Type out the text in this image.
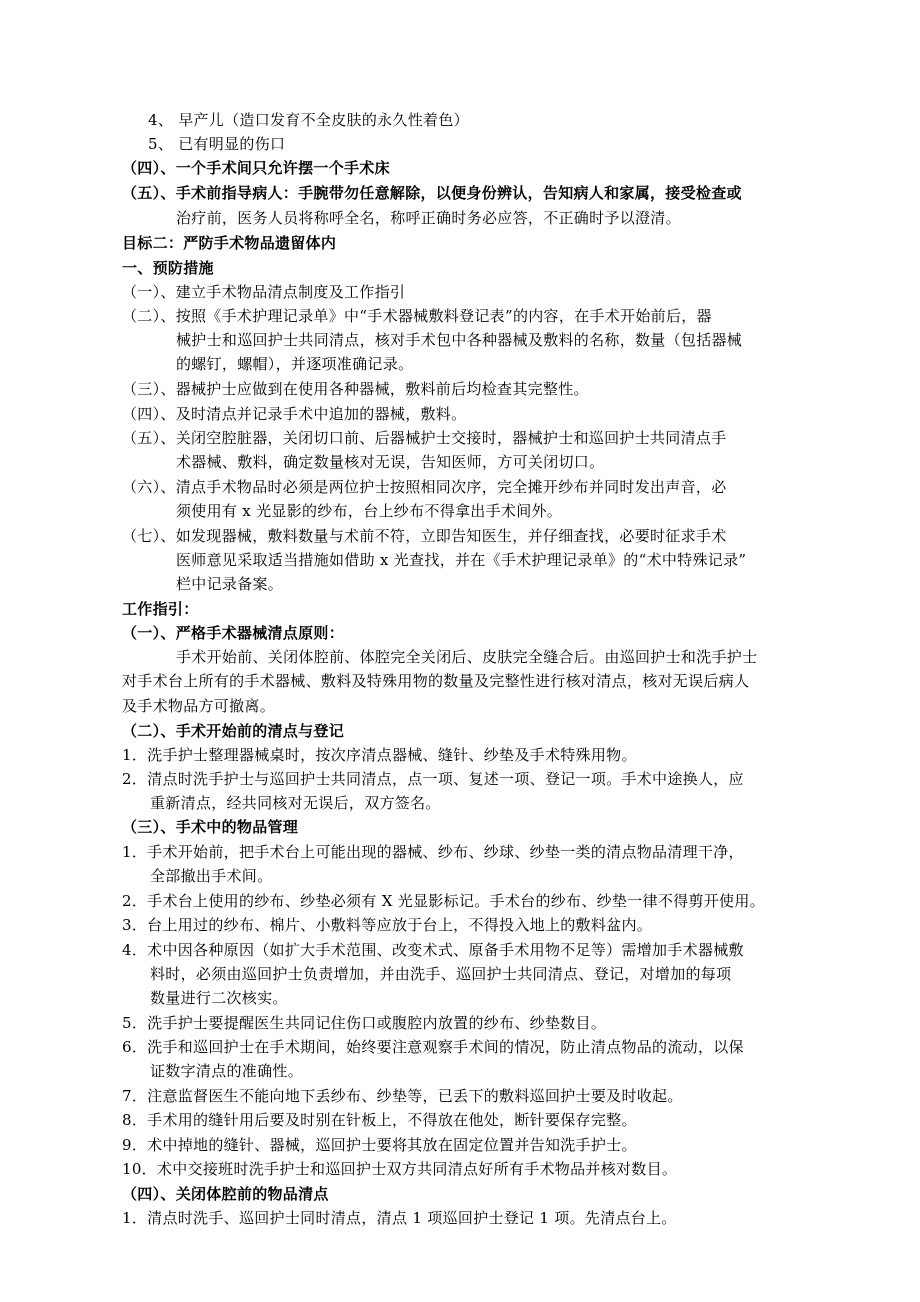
4、 早产儿（造口发育不全皮肤的永久性着色）
5、 已有明显的伤口
（四）、一个手术间只允许摆一个手术床
（五）、手术前指导病人：手腕带勿任意解除，以便身份辨认，告知病人和家属，接受检查或
治疗前，医务人员将称呼全名，称呼正确时务必应答，不正确时予以澄清。
目标二：严防手术物品遗留体内
一、预防措施
（一）、建立手术物品清点制度及工作指引
（二）、按照《手术护理记录单》中“手术器械敷料登记表”的内容，在手术开始前后，器
械护士和巡回护士共同清点，核对手术包中各种器械及敷料的名称，数量（包括器械
的螺钉，螺帽），并逐项准确记录。
（三）、器械护士应做到在使用各种器械，敷料前后均检查其完整性。
（四）、及时清点并记录手术中追加的器械，敷料。
（五）、关闭空腔脏器，关闭切口前、后器械护士交接时，器械护士和巡回护士共同清点手
术器械、敷料，确定数量核对无误，告知医师，方可关闭切口。
（六）、清点手术物品时必须是两位护士按照相同次序，完全摊开纱布并同时发出声音，必
须使用有 x 光显影的纱布，台上纱布不得拿出手术间外。
（七）、如发现器械，敷料数量与术前不符，立即告知医生，并仔细查找，必要时征求手术
医师意见采取适当措施如借助 x 光查找，并在《手术护理记录单》的“术中特殊记录”
栏中记录备案。
工作指引：
（一）、严格手术器械清点原则：
手术开始前、关闭体腔前、体腔完全关闭后、皮肤完全缝合后。由巡回护士和洗手护士
对手术台上所有的手术器械、敷料及特殊用物的数量及完整性进行核对清点，核对无误后病人
及手术物品方可撤离。
（二）、手术开始前的清点与登记
1．洗手护士整理器械桌时，按次序清点器械、缝针、纱垫及手术特殊用物。
2．清点时洗手护士与巡回护士共同清点，点一项、复述一项、登记一项。手术中途换人，应
重新清点，经共同核对无误后，双方签名。
（三）、手术中的物品管理
1．手术开始前，把手术台上可能出现的器械、纱布、纱球、纱垫一类的清点物品清理干净，
全部撤出手术间。
2．手术台上使用的纱布、纱垫必须有 X 光显影标记。手术台的纱布、纱垫一律不得剪开使用。
3．台上用过的纱布、棉片、小敷料等应放于台上，不得投入地上的敷料盆内。
4．术中因各种原因（如扩大手术范围、改变术式、原备手术用物不足等）需增加手术器械敷
料时，必须由巡回护士负责增加，并由洗手、巡回护士共同清点、登记，对增加的每项
数量进行二次核实。
5．洗手护士要提醒医生共同记住伤口或腹腔内放置的纱布、纱垫数目。
6．洗手和巡回护士在手术期间，始终要注意观察手术间的情况，防止清点物品的流动，以保
证数字清点的准确性。
7．注意监督医生不能向地下丢纱布、纱垫等，已丢下的敷料巡回护士要及时收起。
8．手术用的缝针用后要及时别在针板上，不得放在他处，断针要保存完整。
9．术中掉地的缝针、器械，巡回护士要将其放在固定位置并告知洗手护士。
10．术中交接班时洗手护士和巡回护士双方共同清点好所有手术物品并核对数目。
（四）、关闭体腔前的物品清点
1．清点时洗手、巡回护士同时清点，清点 1 项巡回护士登记 1 项。先清点台上。
